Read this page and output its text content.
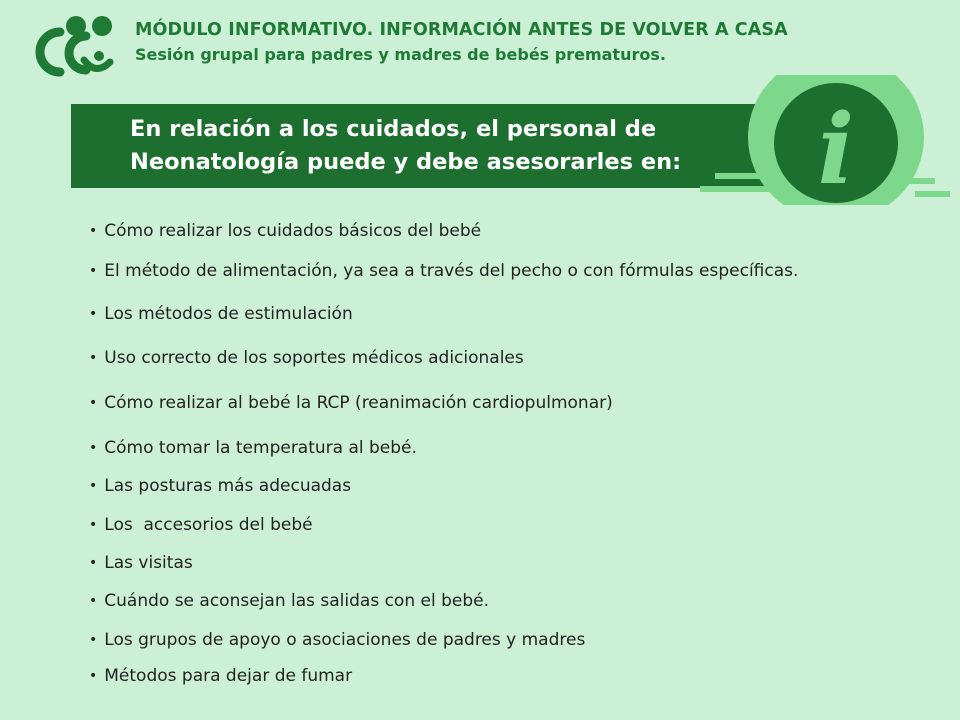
MÓDULO INFORMATIVO. INFORMACIÓN ANTES DE VOLVER A CASA
Sesión grupal para padres y madres de bebés prematuros.
i
En relación a los cuidados, el personal de
Neonatología puede y debe asesorarles en:
• Cómo realizar los cuidados básicos del bebé
• El método de alimentación, ya sea a través del pecho o con fórmulas específicas.
• Los métodos de estimulación
• Uso correcto de los soportes médicos adicionales
• Cómo realizar al bebé la RCP (reanimación cardiopulmonar)
• Cómo tomar la temperatura al bebé.
• Las posturas más adecuadas
• Los  accesorios del bebé
• Las visitas
• Cuándo se aconsejan las salidas con el bebé.
• Los grupos de apoyo o asociaciones de padres y madres
• Métodos para dejar de fumar
